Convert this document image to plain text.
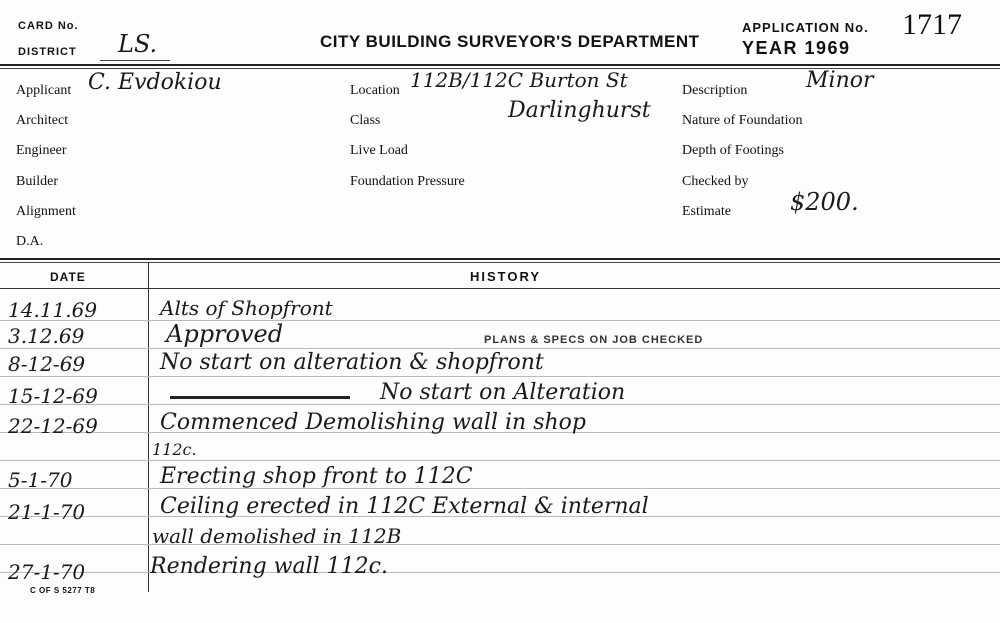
CARD No.
DISTRICT LS.	CITY BUILDING SURVEYOR'S DEPARTMENT
APPLICATION No. 1717
YEAR 1969
Applicant C. Evdokiou
Architect
Engineer
Builder
Alignment
D.A.
Location 112B/112C Burton St
Class	Darlinghurst
Live Load
Foundation Pressure
Description	Minor
Nature of Foundation
Depth of Footings
Checked by
Estimate $200.
DATE	HISTORY
PLANS & SPECS ON JOB CHECKED
14.11.69	Alts of Shopfront
3.12.69	Approved
8-12-69	No start on alteration & shopfront
15-12-69	No start on Alteration
22-12-69	Commenced Demolishing wall in shop
112c.
5-1-70	Erecting shop front to 112C
21-1-70	Ceiling erected in 112C External & internal
wall demolished in 112B
27-1-70	Rendering wall 112c.
C OF S 5277 T8
